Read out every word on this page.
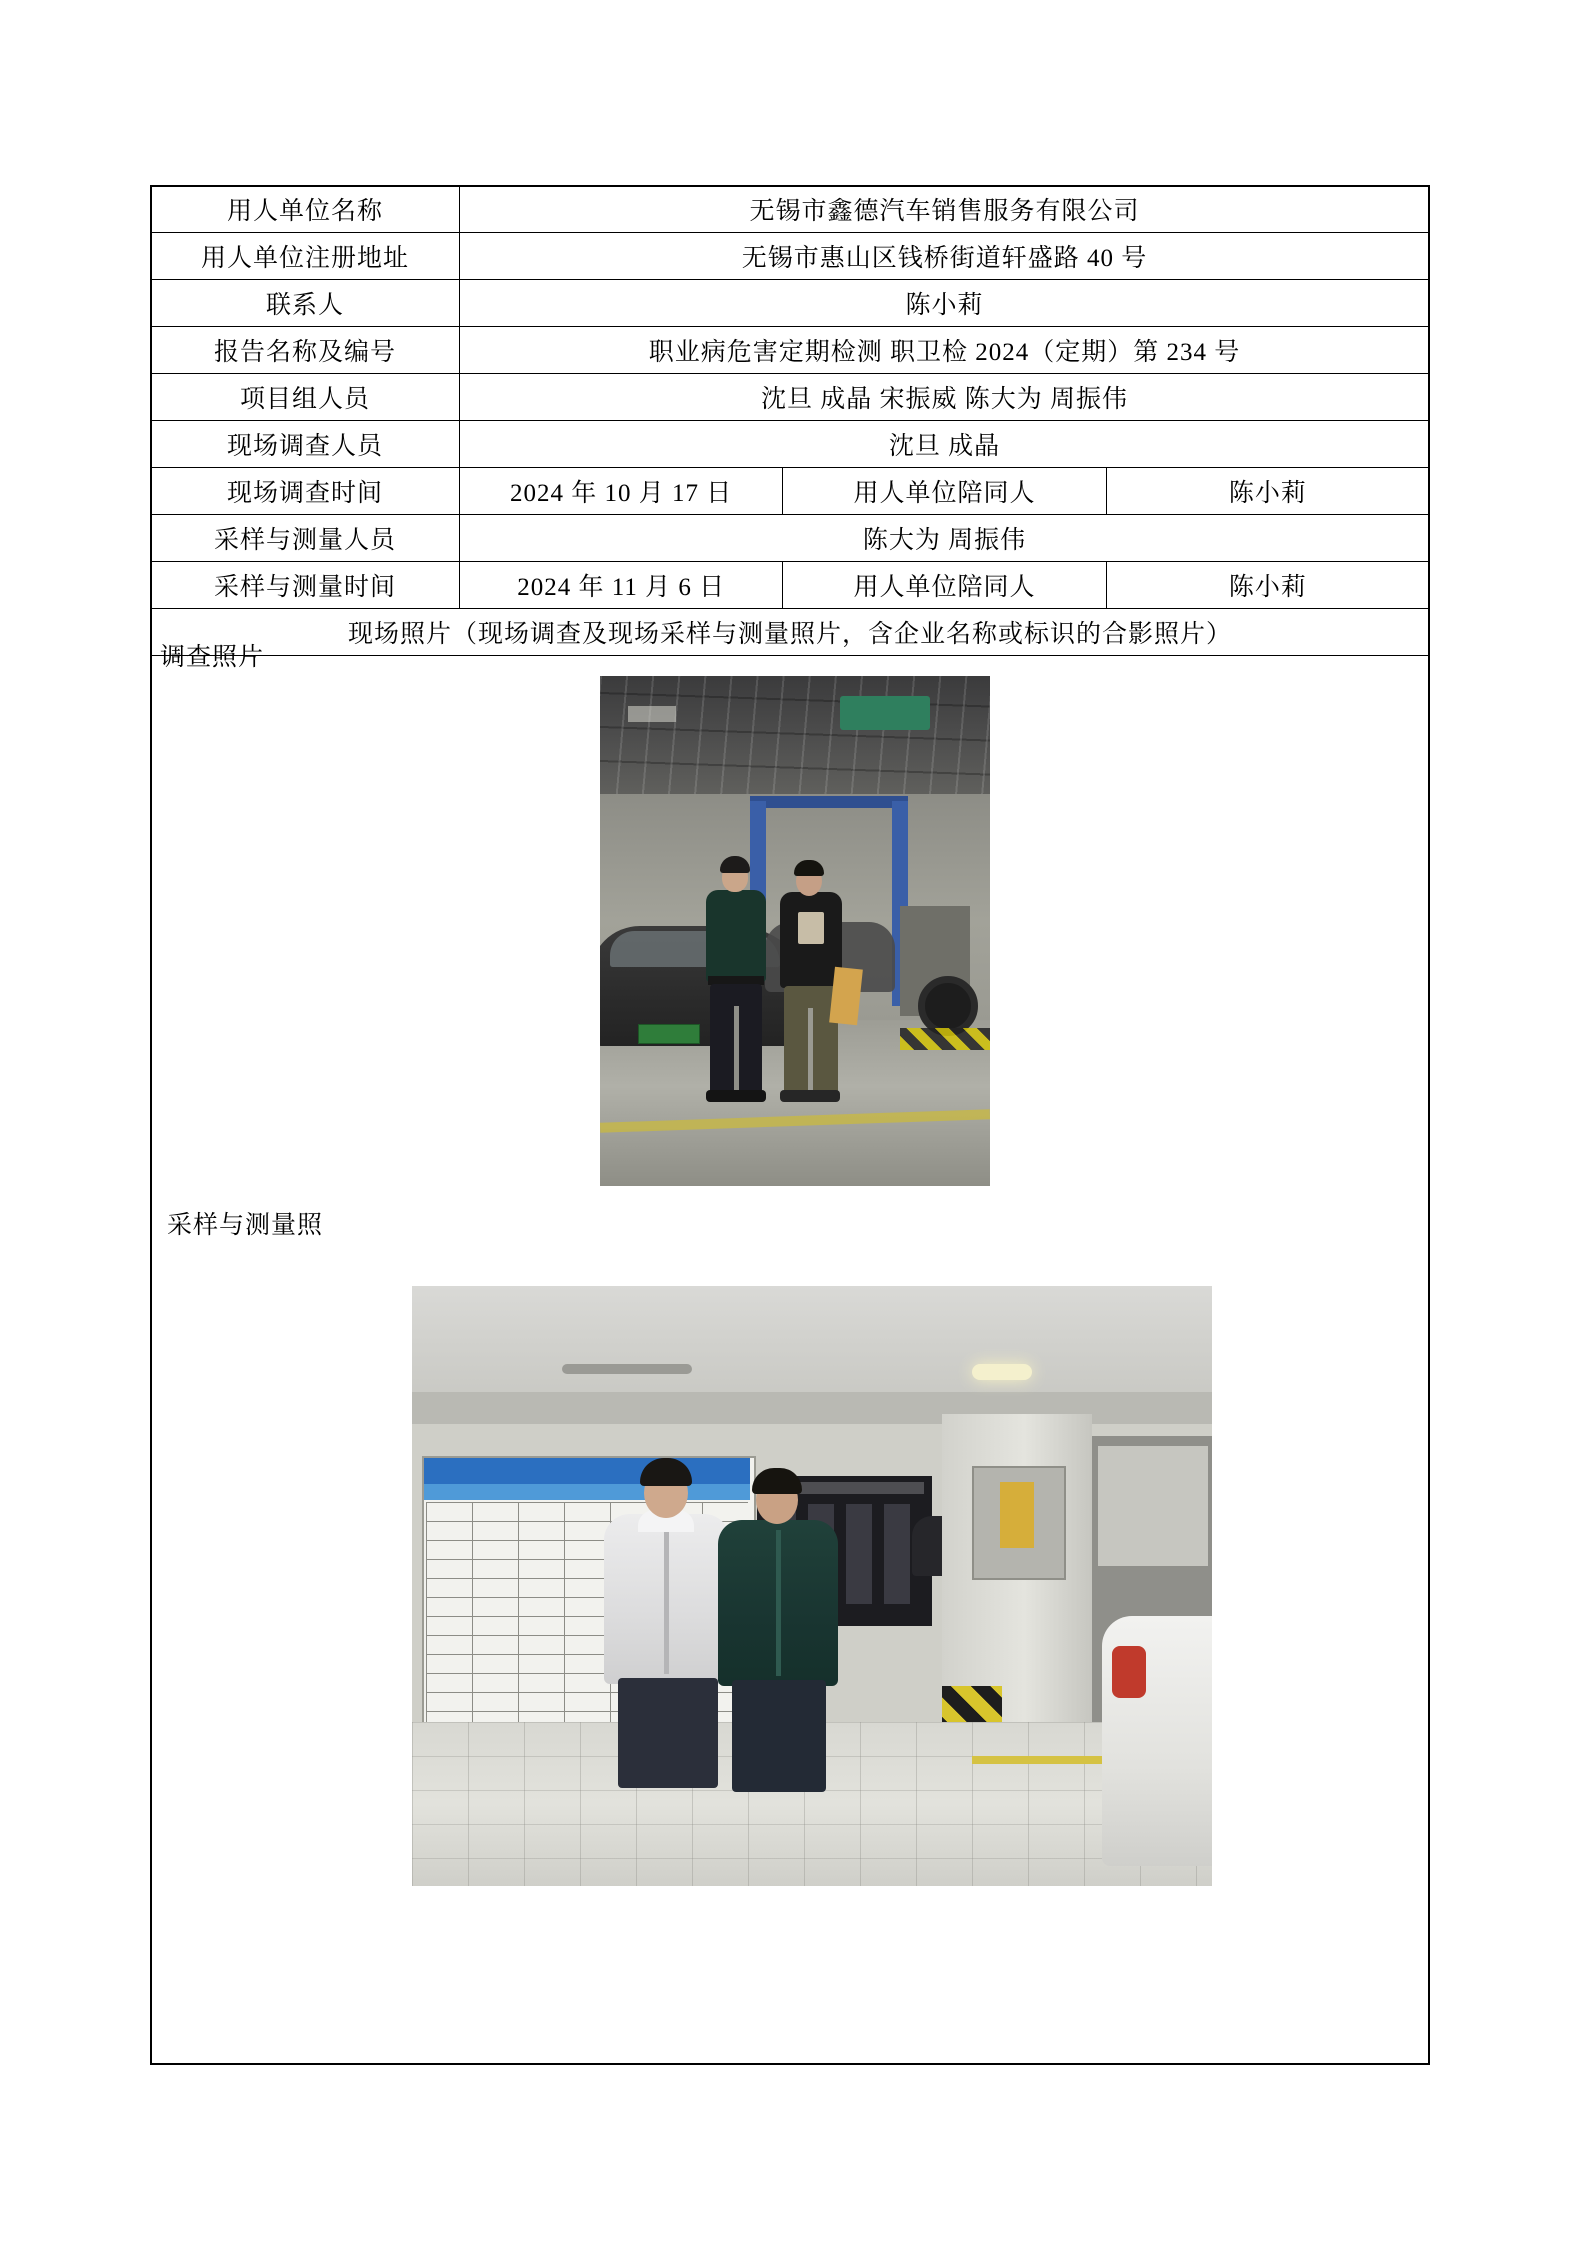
用人单位名称	无锡市鑫德汽车销售服务有限公司		
用人单位注册地址	无锡市惠山区钱桥街道轩盛路 40 号		
联系人	陈小莉		
报告名称及编号	职业病危害定期检测 职卫检 2024（定期）第 234 号		
项目组人员	沈旦 成晶 宋振威 陈大为 周振伟		
现场调查人员	沈旦 成晶		
现场调查时间	2024 年 10 月 17 日	用人单位陪同人	陈小莉
采样与测量人员	陈大为 周振伟		
采样与测量时间	2024 年 11 月 6 日	用人单位陪同人	陈小莉
现场照片（现场调查及现场采样与测量照片，含企业名称或标识的合影照片）			
调查照片
采样与测量照
